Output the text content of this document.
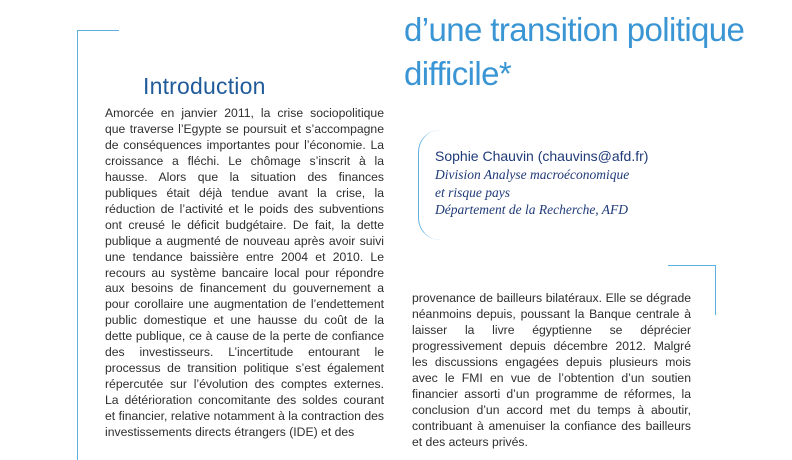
d’une transition politique
difficile*
Introduction

Amorcée en janvier 2011, la crise sociopolitique que traverse l’Egypte se poursuit et s’accompagne de conséquences importantes pour l’économie. La croissance a fléchi. Le chômage s’inscrit à la hausse. Alors que la situation des finances publiques était déjà tendue avant la crise, la réduction de l’activité et le poids des subventions ont creusé le déficit budgétaire. De fait, la dette publique a augmenté de nouveau après avoir suivi une tendance baissière entre 2004 et 2010. Le recours au système bancaire local pour répondre aux besoins de financement du gouvernement a pour corollaire une augmentation de l’endettement public domestique et une hausse du coût de la dette publique, ce à cause de la perte de confiance des investisseurs. L’incertitude entourant le processus de transition politique s’est également répercutée sur l’évolution des comptes externes. La détérioration concomitante des soldes courant et financier, relative notamment à la contraction des investissements directs étrangers (IDE) et des

Sophie Chauvin (chauvins@afd.fr)

Division Analyse macroéconomique

et risque pays

Département de la Recherche, AFD

provenance de bailleurs bilatéraux. Elle se dégrade néanmoins depuis, poussant la Banque centrale à laisser la livre égyptienne se déprécier progressivement depuis décembre 2012. Malgré les discussions engagées depuis plusieurs mois avec le FMI en vue de l’obtention d’un soutien financier assorti d’un programme de réformes, la conclusion d’un accord met du temps à aboutir, contribuant à amenuiser la confiance des bailleurs et des acteurs privés.
